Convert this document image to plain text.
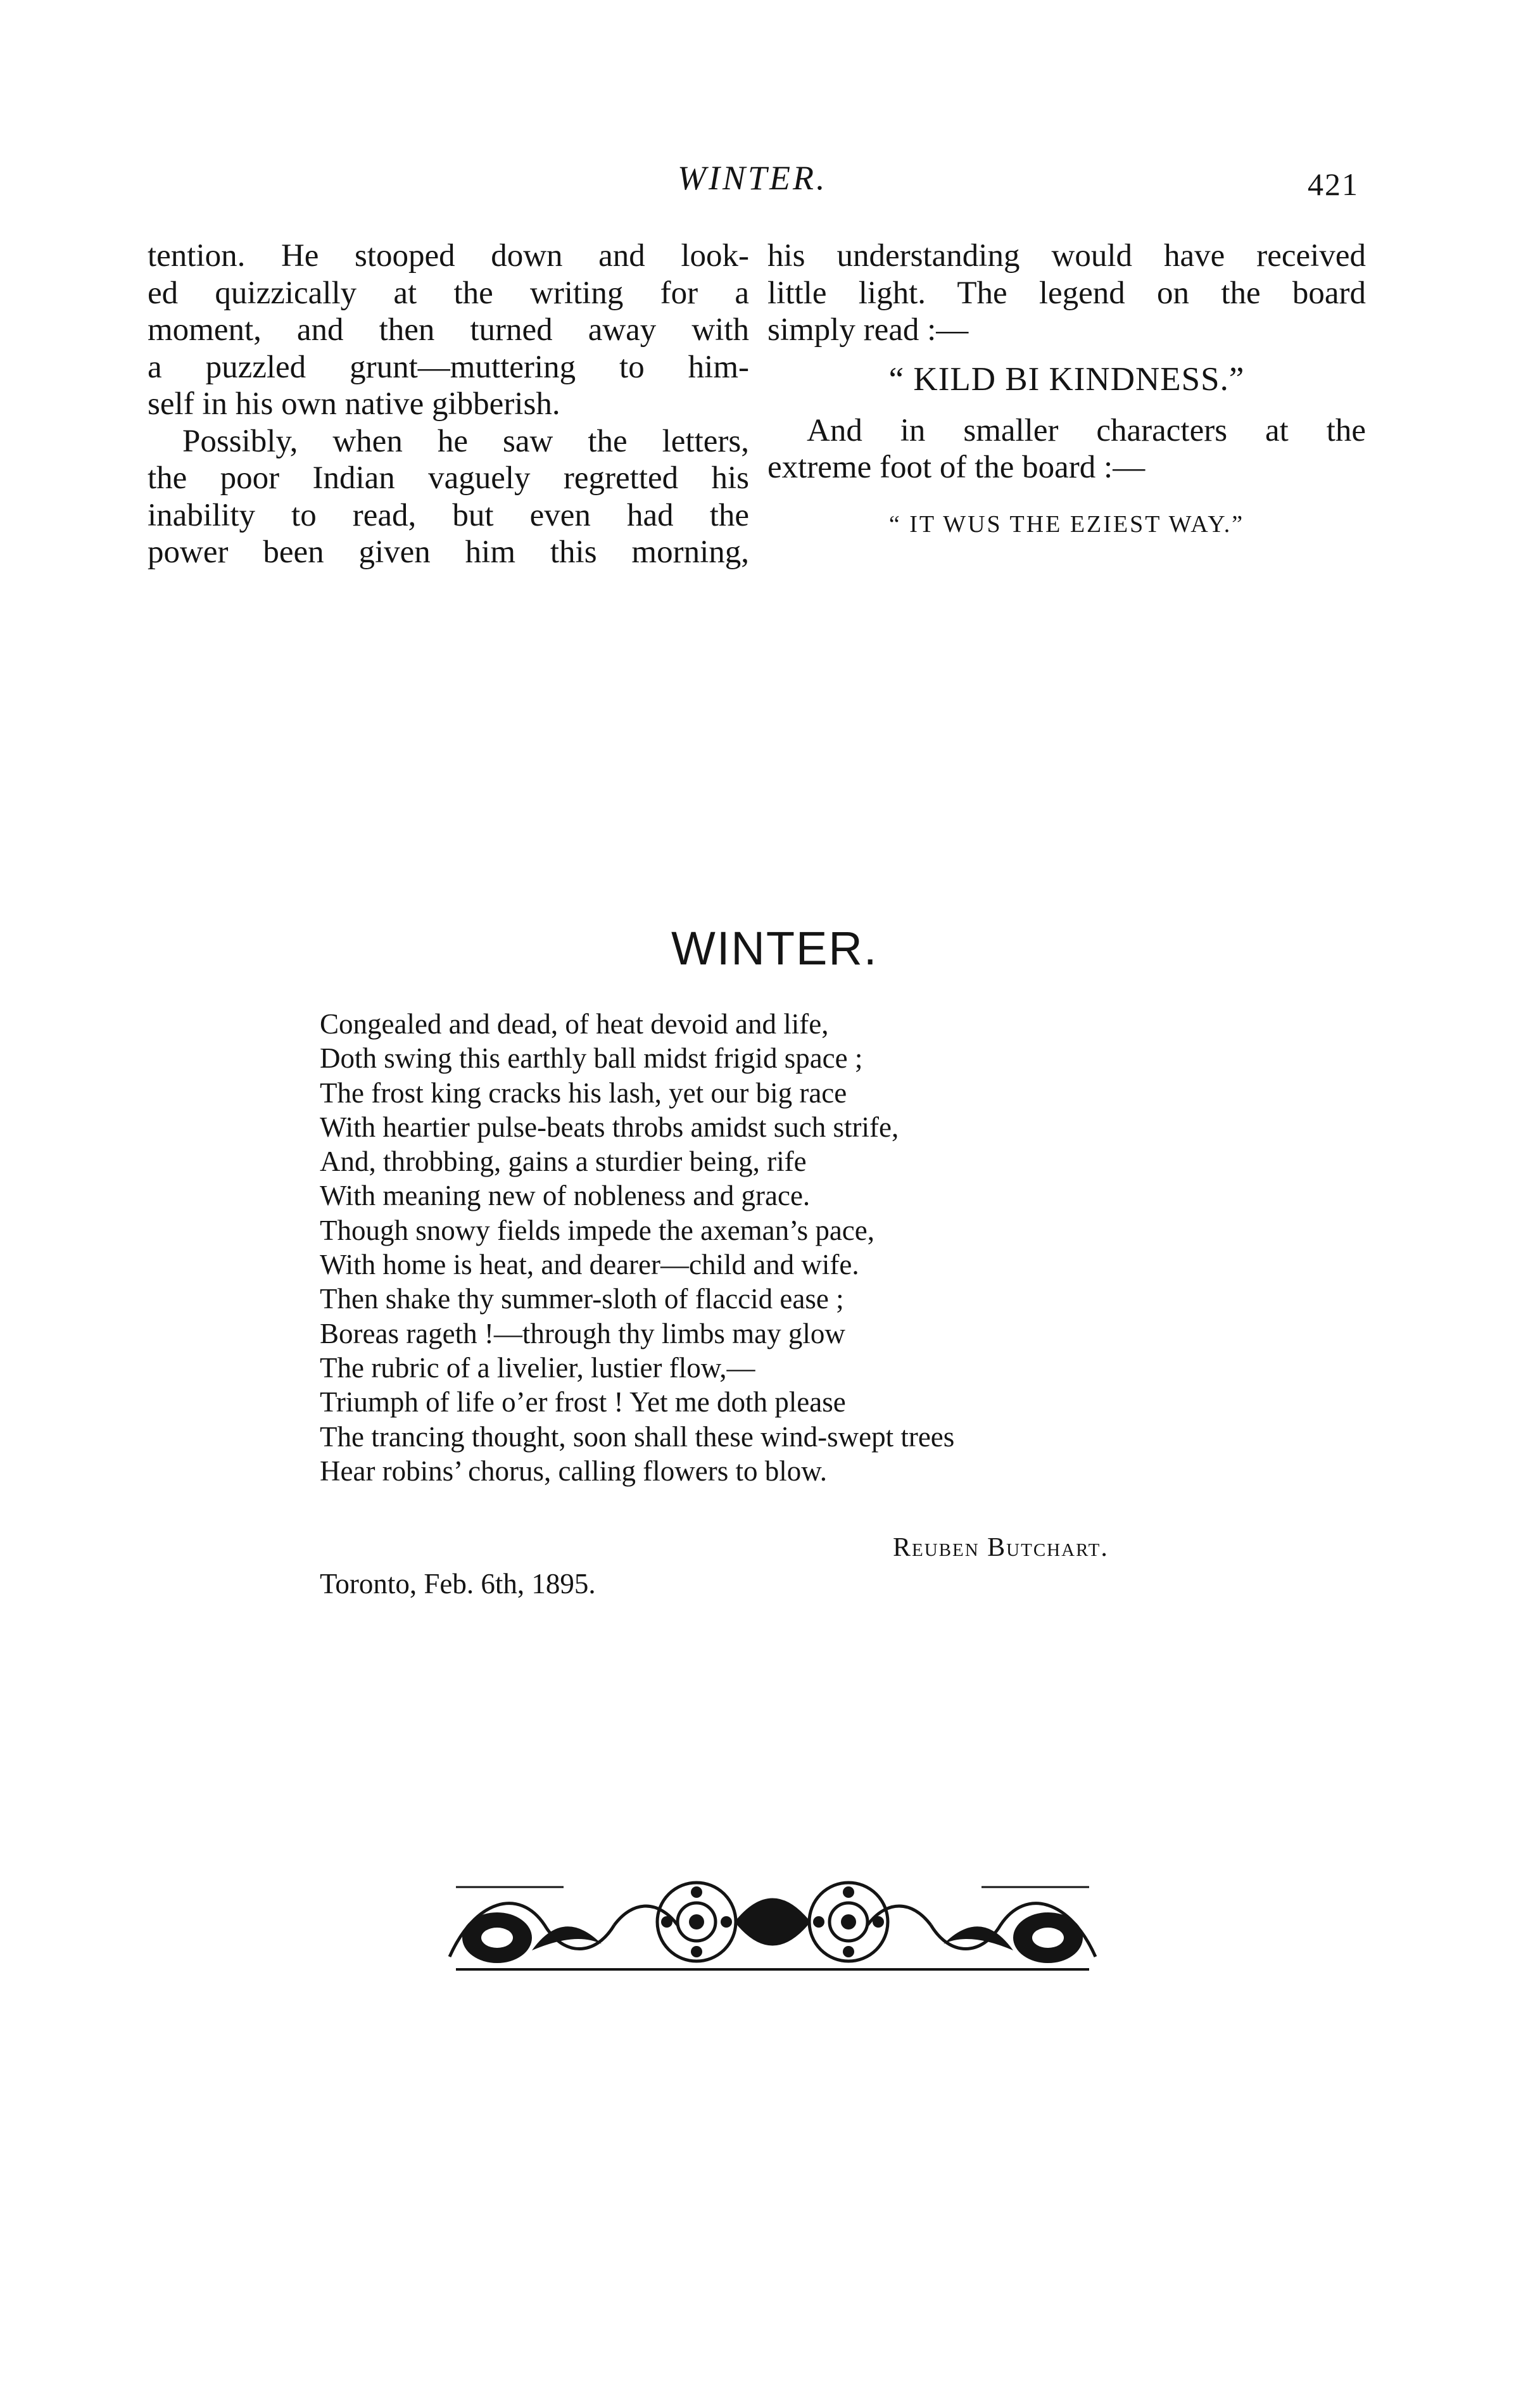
WINTER.	421

tention. He stooped down and look-
ed quizzically at the writing for a
moment, and then turned away with
a puzzled grunt—muttering to him-
self in his own native gibberish.

Possibly, when he saw the letters,
the poor Indian vaguely regretted his
inability to read, but even had the
power been given him this morning,

his understanding would have received
little light. The legend on the board
simply read :—

“ KILD BI KINDNESS.”

And in smaller characters at the
extreme foot of the board :—

“ IT WUS THE EZIEST WAY.”
WINTER.
Congealed and dead, of heat devoid and life,
Doth swing this earthly ball midst frigid space ;
The frost king cracks his lash, yet our big race
With heartier pulse-beats throbs amidst such strife,
And, throbbing, gains a sturdier being, rife
With meaning new of nobleness and grace.
Though snowy fields impede the axeman’s pace,
With home is heat, and dearer—child and wife.
Then shake thy summer-sloth of flaccid ease ;
Boreas rageth !—through thy limbs may glow
The rubric of a livelier, lustier flow,—
Triumph of life o’er frost ! Yet me doth please
The trancing thought, soon shall these wind-swept trees
Hear robins’ chorus, calling flowers to blow.
Reuben Butchart.
Toronto, Feb. 6th, 1895.
